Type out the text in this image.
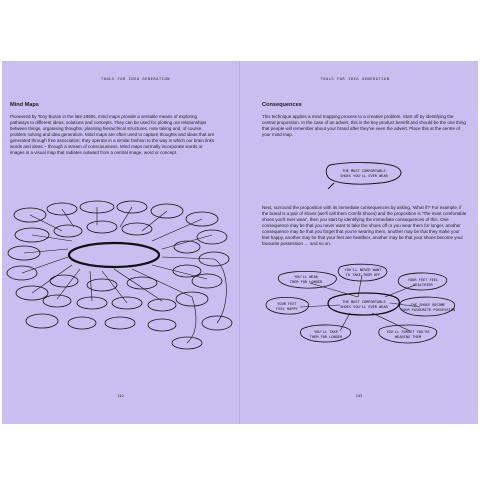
TOOLS FOR IDEA GENERATION
Mind Maps
Pioneered by Tony Buzan in the late 1960s, mind maps provide a versatile means of exploring pathways to different ideas, solutions and concepts. They can be used for plotting out relationships between things, organising thoughts, planning hierarchical structures, note taking and, of course, problem solving and idea generation. Mind maps are often used to capture thoughts and ideas that are generated through free association; they operate in a similar fashion to the way in which our brain links words and ideas – through a stream of consciousness. Mind maps normally incorporate words or images in a visual map that radiates outward from a central image, word or concept.
142
TOOLS FOR IDEA GENERATION
Consequences
This technique applies a mind mapping process to a creative problem. Start off by identifying the central proposition. In the case of an advert, this is the key product benefit and should be the one thing that people will remember about your brand after they've seen the advert. Place this at the centre of your mind map.
THE MOST COMFORTABLE
SHOES YOU'LL EVER WEAR
Next, surround the proposition with its immediate consequences by asking, 'What if?' For example, if the brand is a pair of shoes (we'll call them Comfit Shoes) and the proposition is 'The most comfortable shoes you'll ever wear', then you start by identifying the immediate consequences of this. One consequence may be that you never want to take the shoes off or you wear them for longer, another consequence may be that you forget that you're wearing them, another may be that they make your feet happy, another may be that your feet are healthier, another may be that your shoes become your favourite possession … and so on.
YOU'LL WEAR
THEM FOR LONGER
YOU'LL NEVER WANT
TO TAKE THEM OFF
YOUR FEET FEEL
HEALTHIER
YOUR FEET
FEEL HAPPY
THE SHOES BECOME
YOUR FAVOURITE POSSESSION
YOU'LL TAKE
THEM FOR LONGER
YOU'LL FORGET YOU'RE
WEARING THEM
THE MOST COMFORTABLE
SHOES YOU'LL EVER WEAR
143
